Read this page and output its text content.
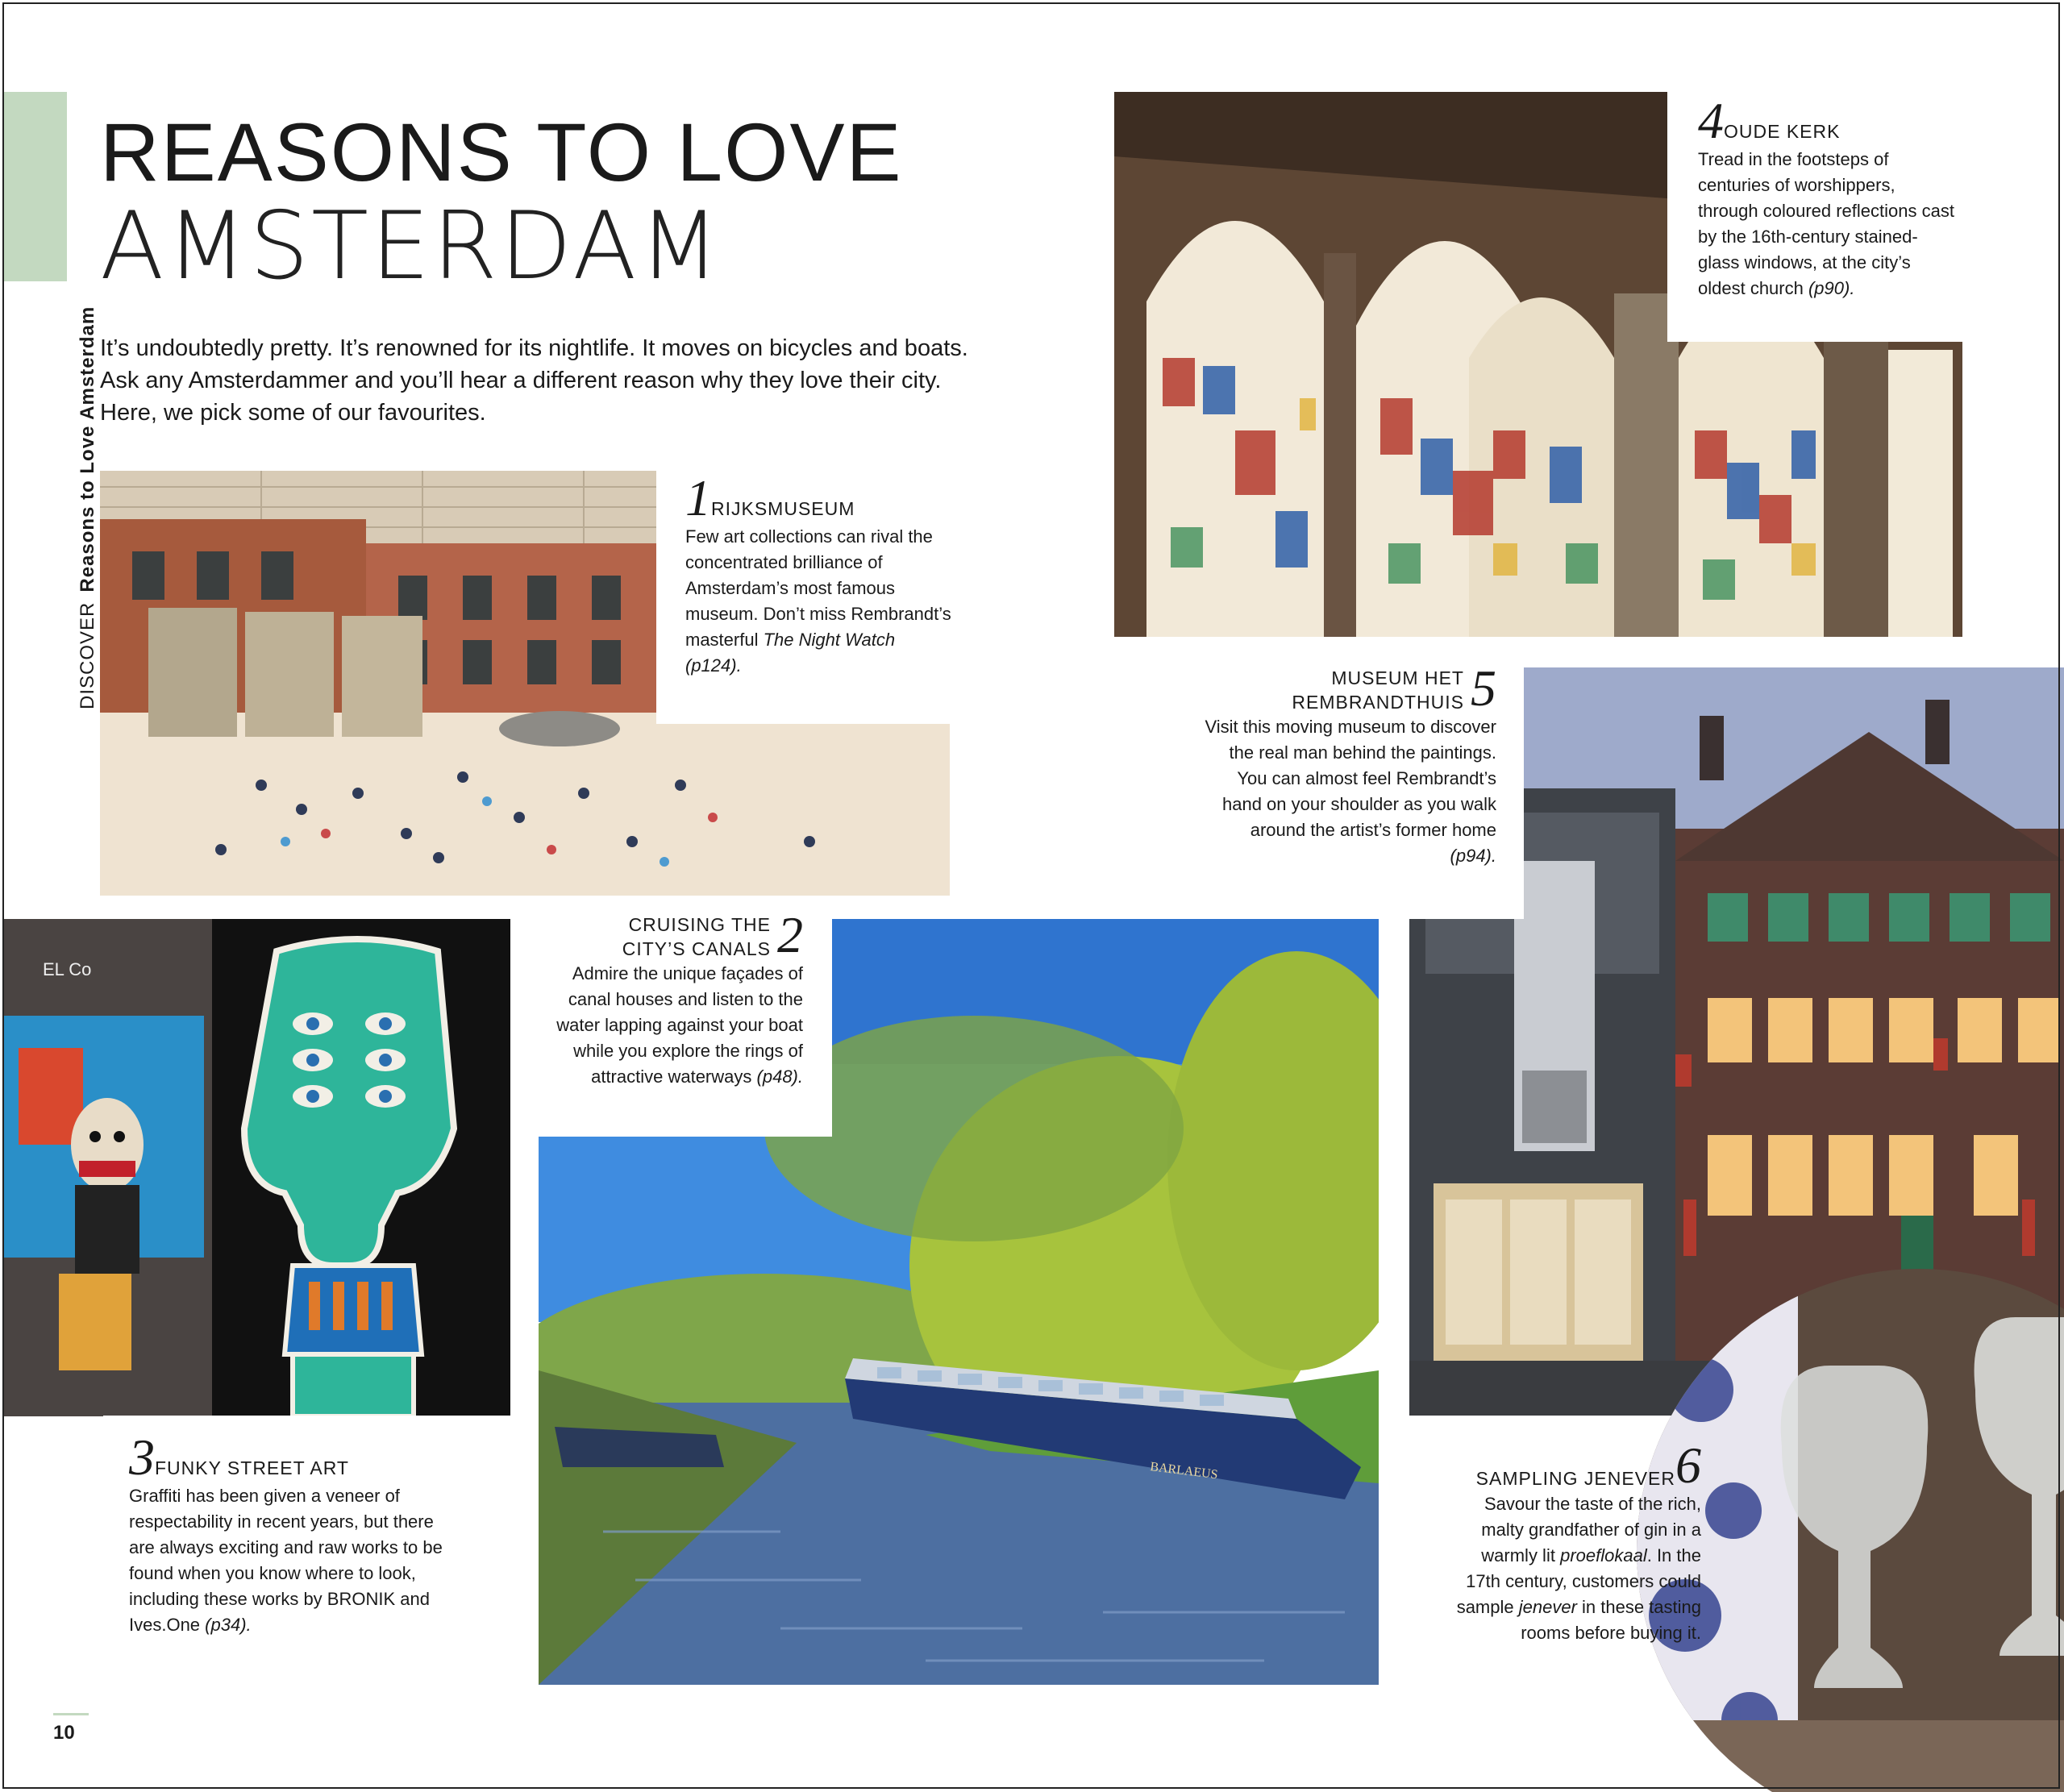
DISCOVERReasons to Love Amsterdam
REASONS TO LOVE
AMSTERDAM
It’s undoubtedly pretty. It’s renowned for its nightlife. It moves on bicycles and boats. Ask any Amsterdammer and you’ll hear a different reason why they love their city. Here, we pick some of our favourites.
1RIJKSMUSEUM
Few art collections can rival the concentrated brilliance of Amsterdam’s most famous museum. Don’t miss Rembrandt’s masterful The Night Watch (p124).
4OUDE KERK
Tread in the footsteps of centuries of worshippers, through coloured reflections cast by the 16th-century stained-glass windows, at the city’s oldest church (p90).
MUSEUM HET
REMBRANDTHUIS 5
Visit this moving museum to discover the real man behind the paintings. You can almost feel Rembrandt’s hand on your shoulder as you walk around the artist’s former home (p94).
EL Co
3FUNKY STREET ART
Graffiti has been given a veneer of respectability in recent years, but there are always exciting and raw works to be found when you know where to look, including these works by BRONIK and Ives.One (p34).
BARLAEUS
CRUISING THE
CITY’S CANALS 2
Admire the unique façades of canal houses and listen to the water lapping against your boat while you explore the rings of attractive waterways (p48).
SAMPLING JENEVER 6
Savour the taste of the rich, malty grandfather of gin in a warmly lit proeflokaal. In the 17th century, customers could sample jenever in these tasting rooms before buying it.
10
